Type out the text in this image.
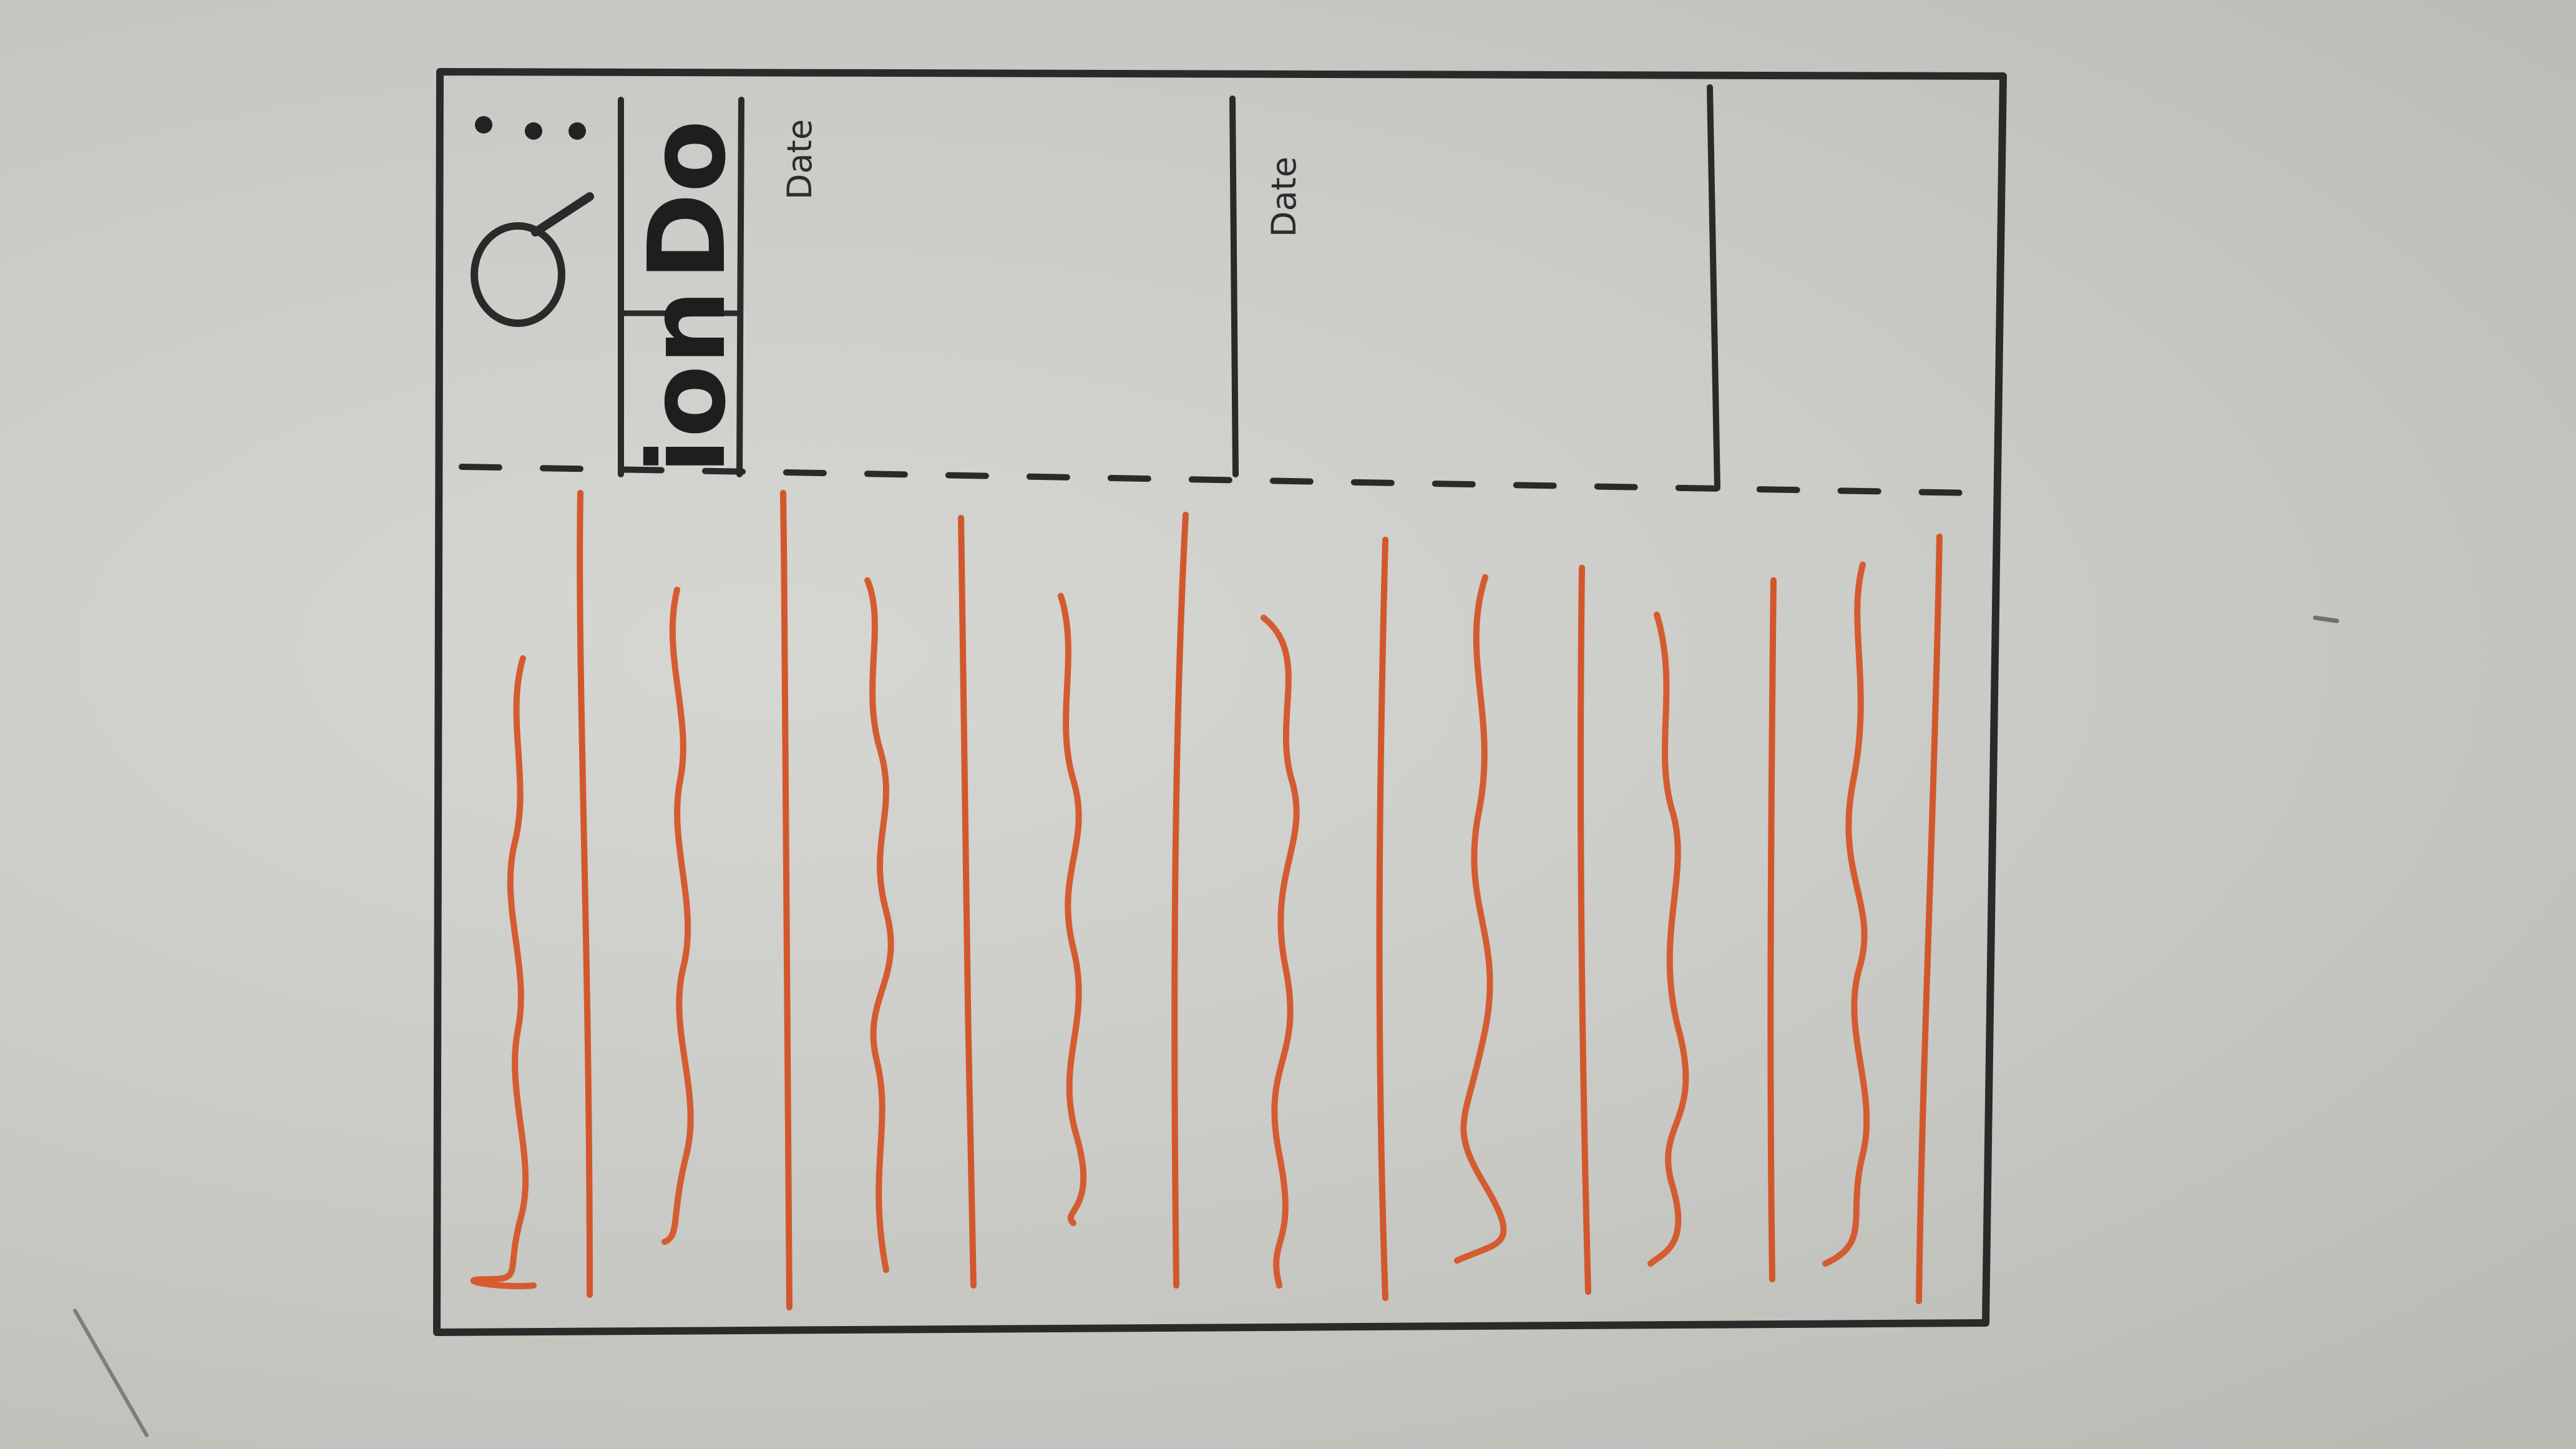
Do
ion
Date	Date
